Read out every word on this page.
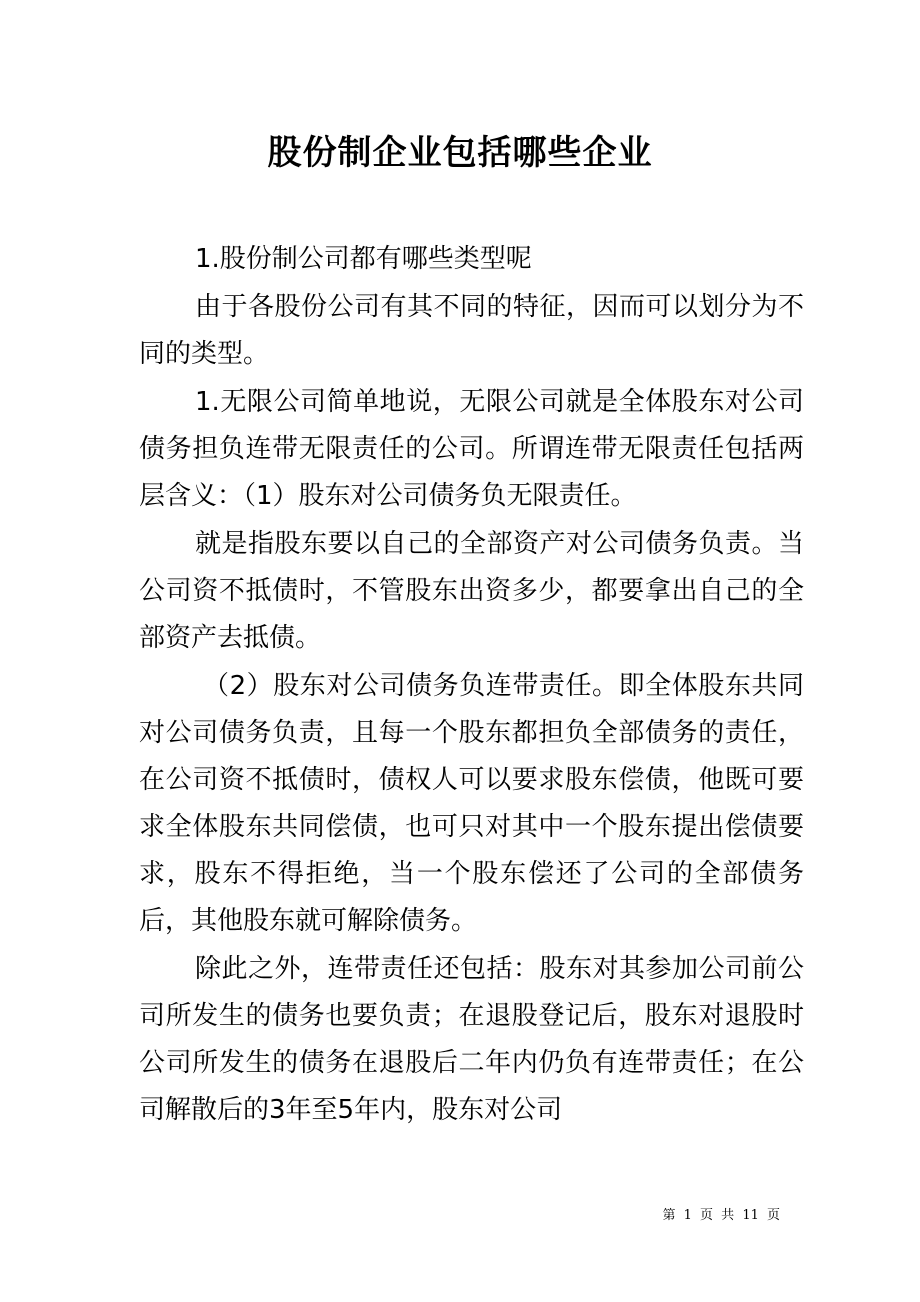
股份制企业包括哪些企业

1.股份制公司都有哪些类型呢

由于各股份公司有其不同的特征，因而可以划分为不同的类型。

1.无限公司简单地说，无限公司就是全体股东对公司债务担负连带无限责任的公司。所谓连带无限责任包括两层含义：（1）股东对公司债务负无限责任。

就是指股东要以自己的全部资产对公司债务负责。当公司资不抵债时，不管股东出资多少，都要拿出自己的全部资产去抵债。

（2）股东对公司债务负连带责任。即全体股东共同对公司债务负责，且每一个股东都担负全部债务的责任，在公司资不抵债时，债权人可以要求股东偿债，他既可要求全体股东共同偿债，也可只对其中一个股东提出偿债要求，股东不得拒绝，当一个股东偿还了公司的全部债务后，其他股东就可解除债务。

除此之外，连带责任还包括：股东对其参加公司前公司所发生的债务也要负责；在退股登记后，股东对退股时公司所发生的债务在退股后二年内仍负有连带责任；在公司解散后的3年至5年内，股东对公司

第 1 页 共 11 页
